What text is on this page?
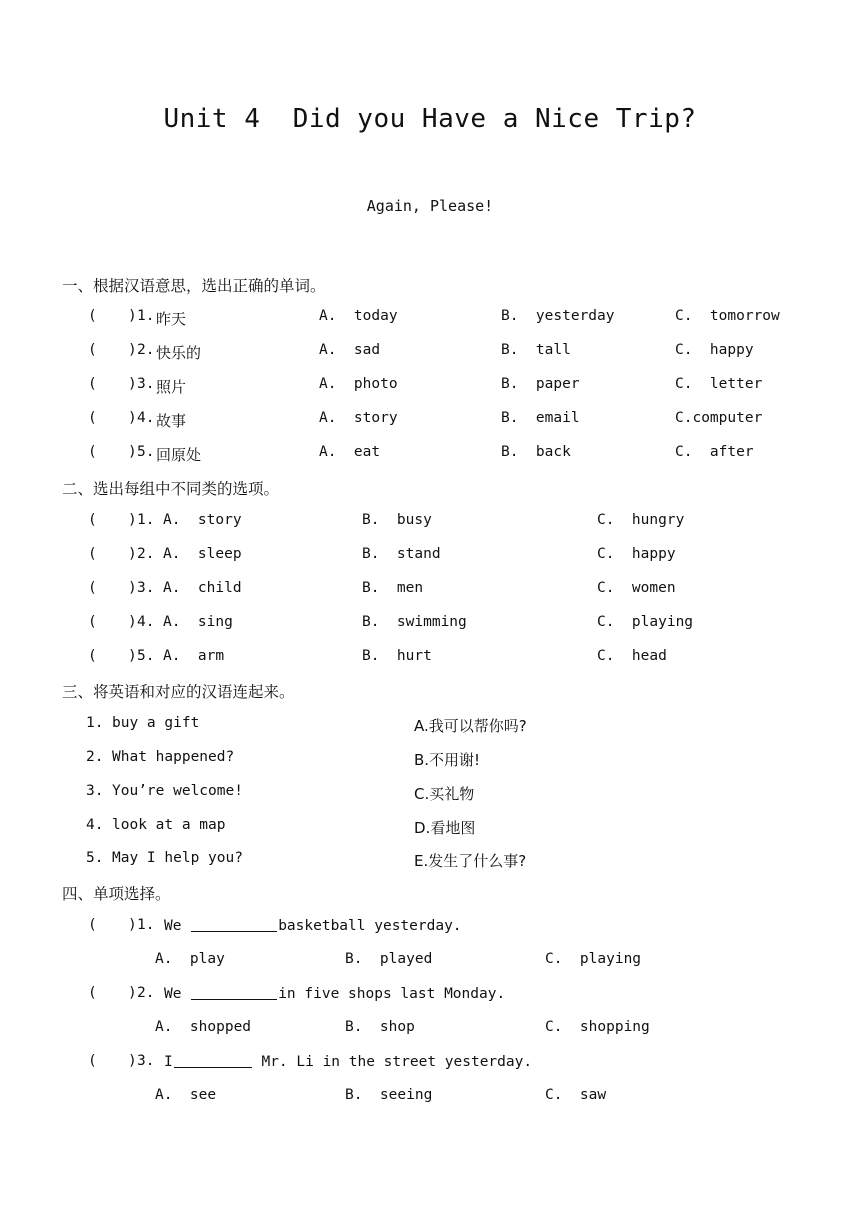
Unit 4  Did you Have a Nice Trip?
Again, Please!
一、根据汉语意思，选出正确的单词。
( ) 1. 昨天	A.  today	B.  yesterday	C.  tomorrow
( ) 2. 快乐的	A.  sad	B.  tall	C.  happy
( ) 3. 照片	A.  photo	B.  paper	C.  letter
( ) 4. 故事	A.  story	B.  email	C.computer
( ) 5. 回原处	A.  eat	B.  back	C.  after
二、选出每组中不同类的选项。
( ) 1. A.  story	B.  busy	C.  hungry
( ) 2. A.  sleep	B.  stand	C.  happy
( ) 3. A.  child	B.  men	C.  women
( ) 4. A.  sing	B.  swimming	C.  playing
( ) 5. A.  arm	B.  hurt	C.  head
三、将英语和对应的汉语连起来。
1. buy a gift	A.我可以帮你吗?
2. What happened?	B.不用谢!
3. You’re welcome!	C.买礼物
4. look at a map	D.看地图
5. May I help you?	E.发生了什么事?
四、单项选择。
( ) 1. We	basketball yesterday.
A.  play	B.  played	C.  playing
( ) 2. We	in five shops last Monday.
A.  shopped	B.  shop	C.  shopping
( ) 3. I	Mr. Li in the street yesterday.
A.  see	B.  seeing	C.  saw
